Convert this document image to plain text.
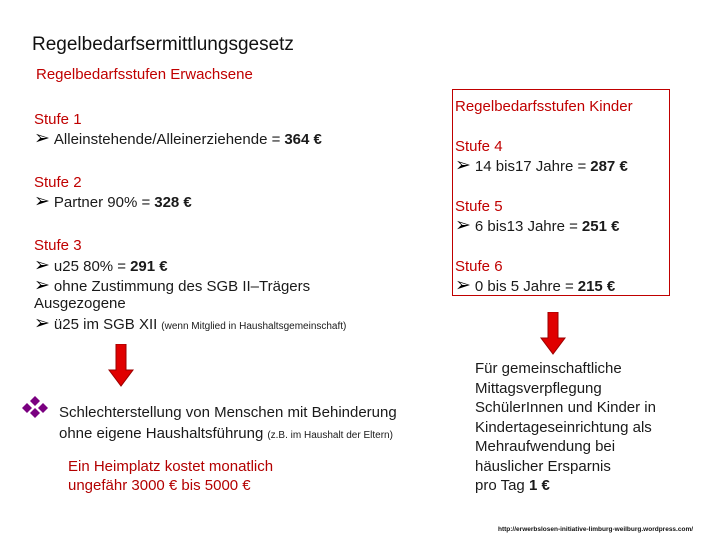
Regelbedarfsermittlungsgesetz
Regelbedarfsstufen Erwachsene
Stufe 1
➢ Alleinstehende/Alleinerziehende = 364 €
Stufe 2
➢ Partner 90% = 328 €
Stufe 3
➢ u25 80% = 291 €
➢ ohne Zustimmung des SGB II–Trägers
Ausgezogene
➢ ü25 im SGB XII (wenn Mitglied in Haushaltsgemeinschaft)
Regelbedarfsstufen Kinder
Stufe 4
➢ 14 bis17 Jahre = 287 €
Stufe 5
➢ 6 bis13 Jahre = 251 €
Stufe 6
➢ 0 bis 5 Jahre = 215 €
Schlechterstellung von Menschen mit Behinderung
ohne eigene Haushaltsführung (z.B. im Haushalt der Eltern)
Ein Heimplatz kostet monatlich
ungefähr 3000 € bis 5000 €
Für gemeinschaftliche
Mittagsverpflegung
SchülerInnen und Kinder in
Kindertageseinrichtung als
Mehraufwendung bei
häuslicher Ersparnis
pro Tag 1 €
http://erwerbslosen-initiative-limburg-weilburg.wordpress.com/
